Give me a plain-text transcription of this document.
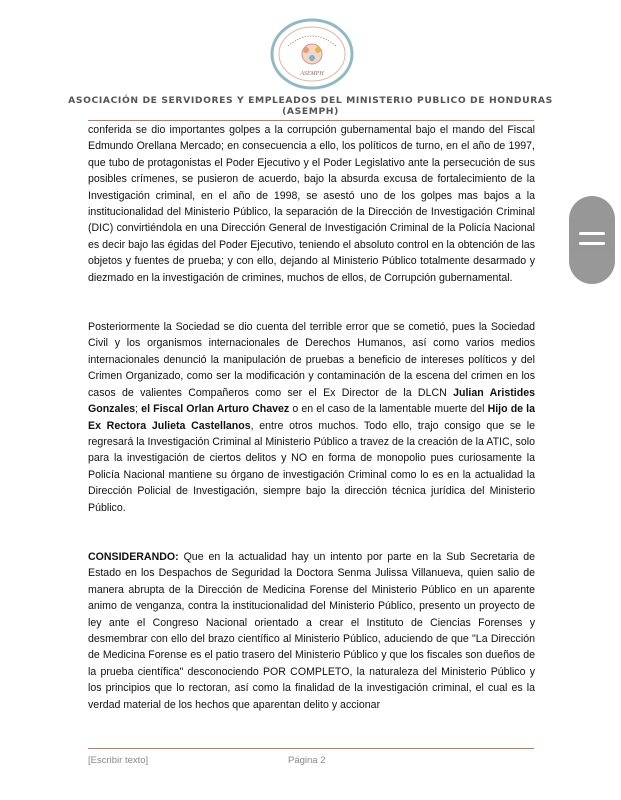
ASEMPH
ASOCIACIÓN DE SERVIDORES Y EMPLEADOS DEL MINISTERIO PUBLICO DE HONDURAS
(ASEMPH)

conferida se dio importantes golpes a la corrupción gubernamental bajo el mando del Fiscal Edmundo Orellana Mercado; en consecuencia a ello, los políticos de turno, en el año de 1997, que tubo de protagonistas el Poder Ejecutivo y el Poder Legislativo ante la persecución de sus posibles crímenes, se pusieron de acuerdo, bajo la absurda excusa de fortalecimiento de la Investigación criminal, en el año de 1998, se asestó uno de los golpes mas bajos a la institucionalidad del Ministerio Público, la separación de la Dirección de Investigación Criminal (DIC) convirtiéndola en una Dirección General de Investigación Criminal de la Policía Nacional es decir bajo las égidas del Poder Ejecutivo, teniendo el absoluto control en la obtención de las objetos y fuentes de prueba; y con ello, dejando al Ministerio Público totalmente desarmado y diezmado en la investigación de crimines, muchos de ellos, de Corrupción gubernamental.

Posteriormente la Sociedad se dio cuenta del terrible error que se cometió, pues la Sociedad Civil y los organismos internacionales de Derechos Humanos, así como varios medios internacionales denunció la manipulación de pruebas a beneficio de intereses políticos y del Crimen Organizado, como ser la modificación y contaminación de la escena del crimen en los casos de valientes Compañeros como ser el Ex Director de la DLCN Julian Aristides Gonzales; el Fiscal Orlan Arturo Chavez o en el caso de la lamentable muerte del Hijo de la Ex Rectora Julieta Castellanos, entre otros muchos. Todo ello, trajo consigo que se le regresará la Investigación Criminal al Ministerio Público a travez de la creación de la ATIC, solo para la investigación de ciertos delitos y NO en forma de monopolio pues curiosamente la Policía Nacional mantiene su órgano de investigación Criminal como lo es en la actualidad la Dirección Policial de Investigación, siempre bajo la dirección técnica jurídica del Ministerio Público.

CONSIDERANDO: Que en la actualidad hay un intento por parte en la Sub Secretaria de Estado en los Despachos de Seguridad la Doctora Senma Julissa Villanueva, quien salio de manera abrupta de la Dirección de Medicina Forense del Ministerio Público en un aparente animo de venganza, contra la institucionalidad del Ministerio Público, presento un proyecto de ley ante el Congreso Nacional orientado a crear el Instituto de Ciencias Forenses y desmembrar con ello del brazo científico al Ministerio Público, aduciendo de que "La Dirección de Medicina Forense es el patio trasero del Ministerio Público y que los fiscales son dueños de la prueba científica" desconociendo POR COMPLETO, la naturaleza del Ministerio Público y los principios que lo rectoran, así como la finalidad de la investigación criminal, el cual es la verdad material de los hechos que aparentan delito y accionar

[Escribir texto]	Página 2
